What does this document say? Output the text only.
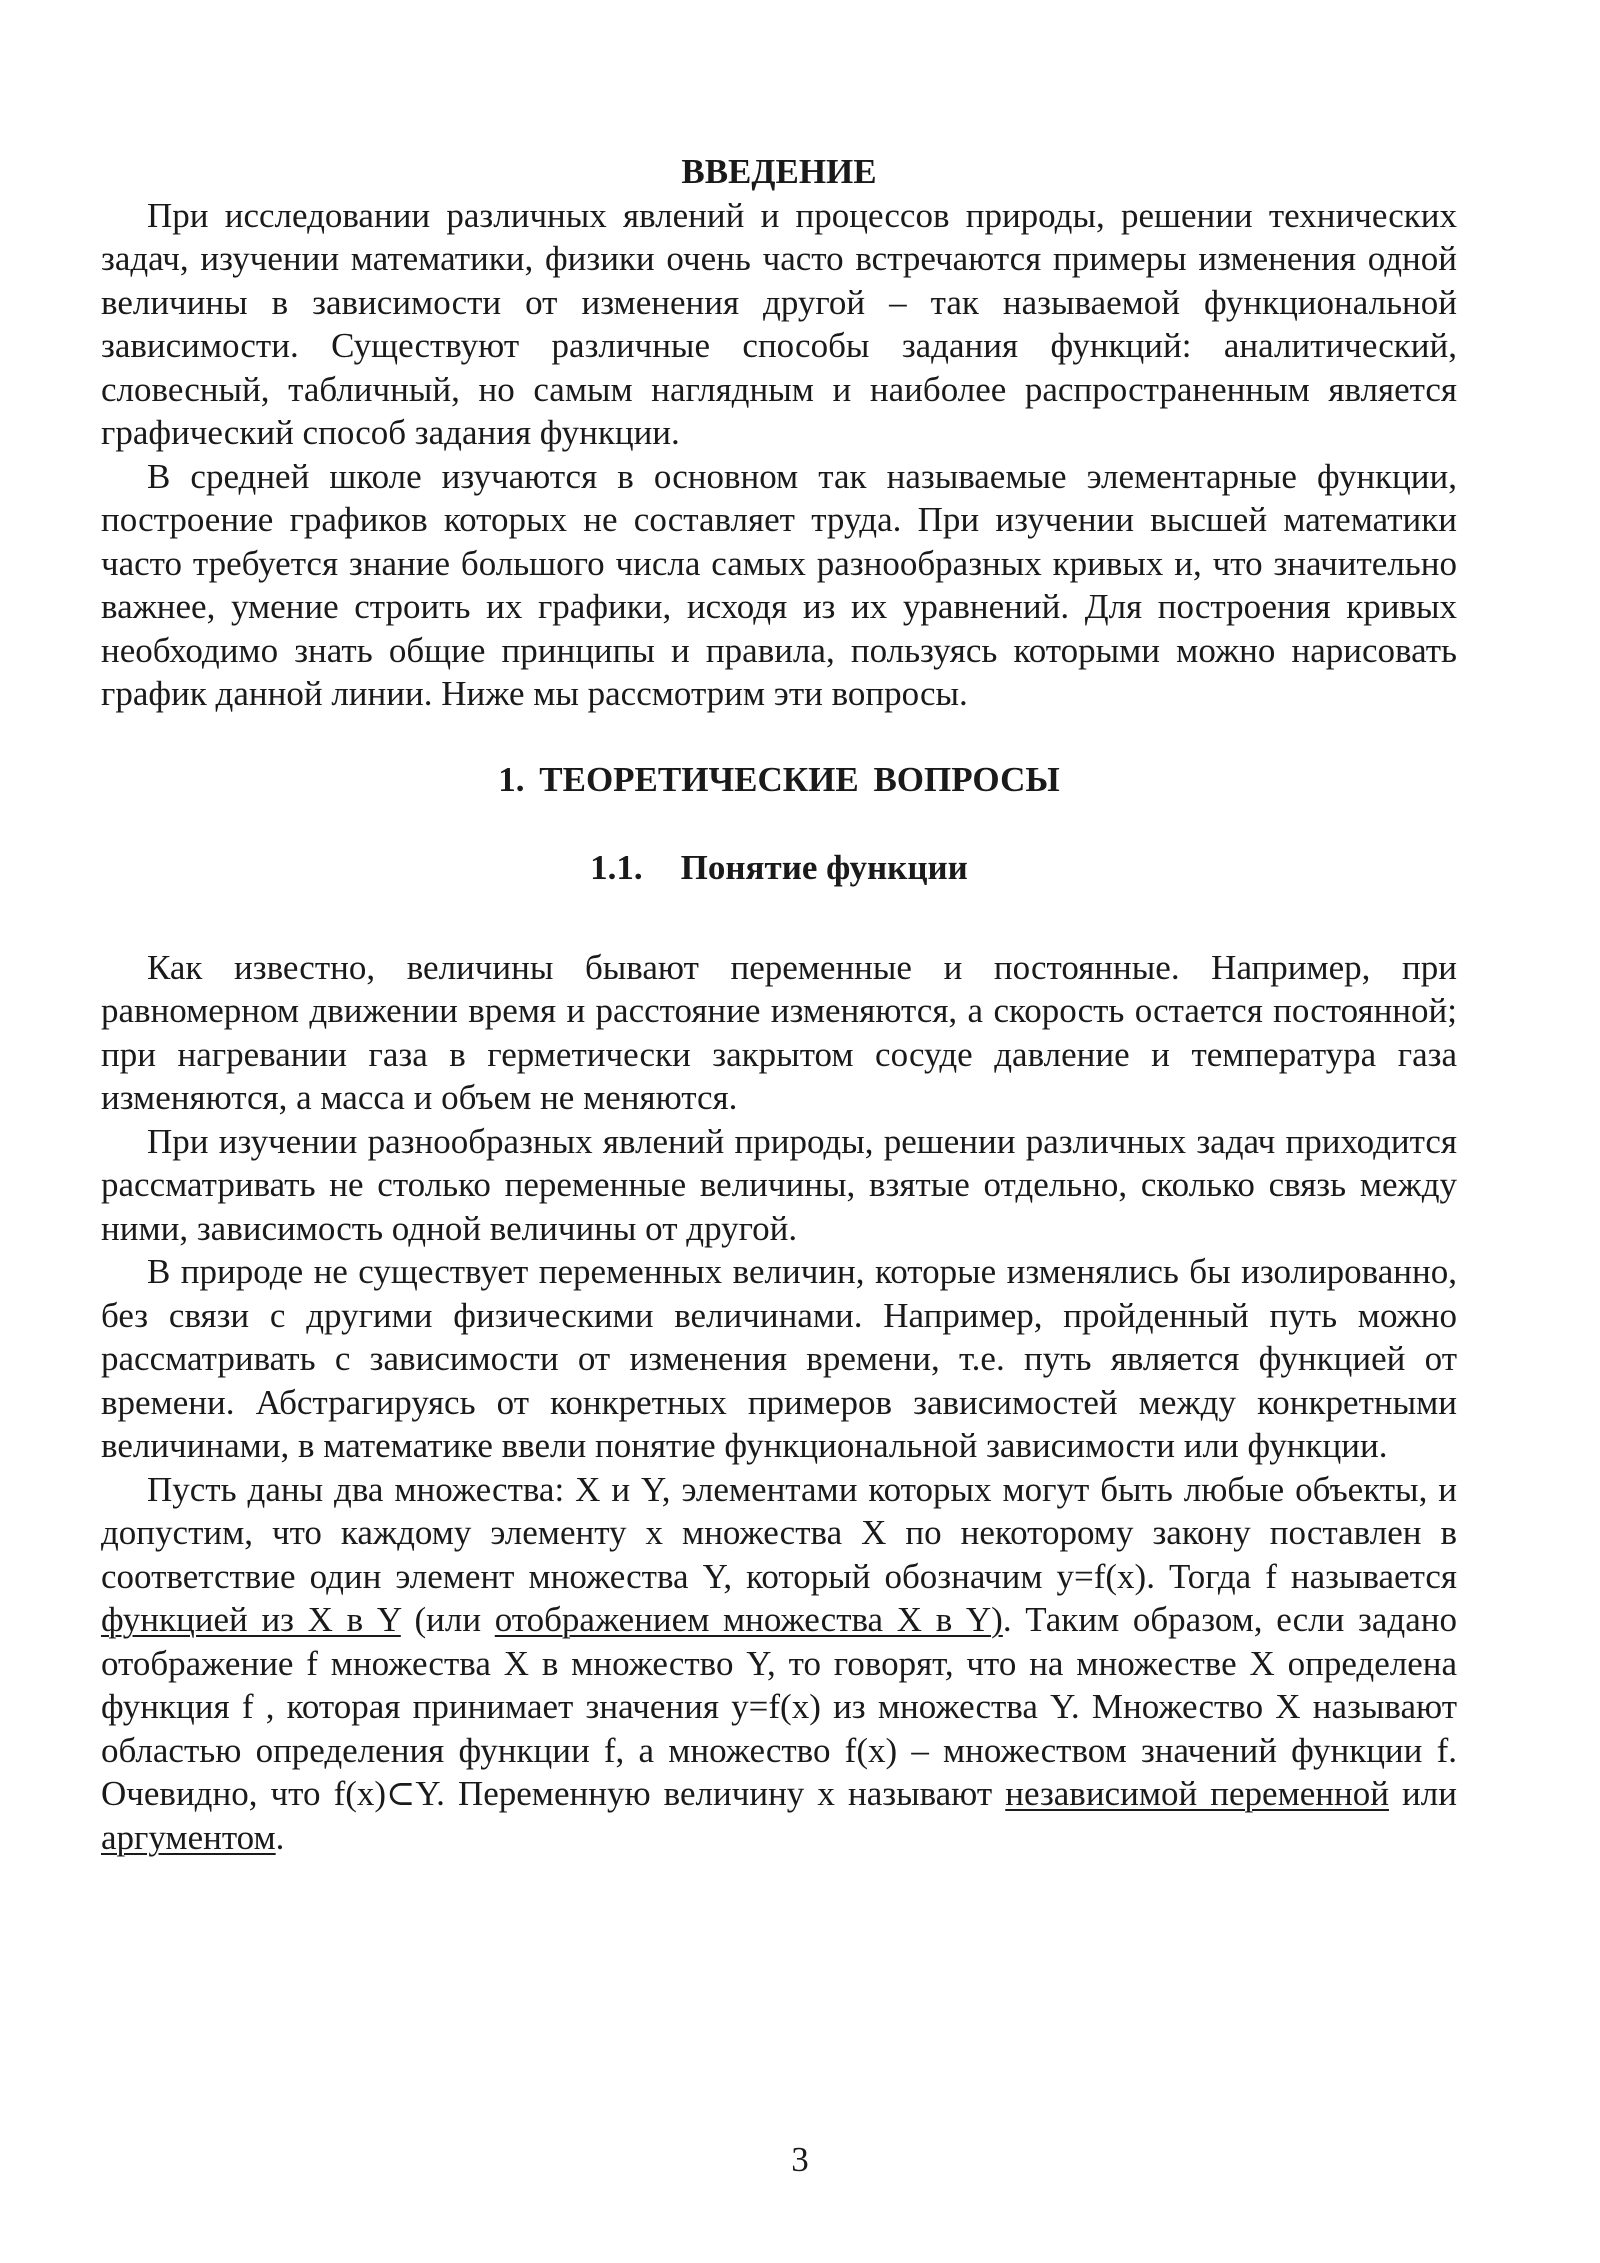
ВВЕДЕНИЕ

При исследовании различных явлений и процессов природы, решении технических задач, изучении математики, физики очень часто встречаются примеры изменения одной величины в зависимости от изменения другой – так называемой функциональной зависимости. Существуют различные способы задания функций: аналитический, словесный, табличный, но самым наглядным и наиболее распространенным является графический способ задания функции.

В средней школе изучаются в основном так называемые элементарные функции, построение графиков которых не составляет труда. При изучении высшей математики часто требуется знание большого числа самых разнообразных кривых и, что значительно важнее, умение строить их графики, исходя из их уравнений. Для построения кривых необходимо знать общие принципы и правила, пользуясь которыми можно нарисовать график данной линии. Ниже мы рассмотрим эти вопросы.

1. ТЕОРЕТИЧЕСКИЕ ВОПРОСЫ
1.1. Понятие функции

Как известно, величины бывают переменные и постоянные. Например, при равномерном движении время и расстояние изменяются, а скорость остается постоянной; при нагревании газа в герметически закрытом сосуде давление и температура газа изменяются, а масса и объем не меняются.

При изучении разнообразных явлений природы, решении различных задач приходится рассматривать не столько переменные величины, взятые отдельно, сколько связь между ними, зависимость одной величины от другой.

В природе не существует переменных величин, которые изменялись бы изолированно, без связи с другими физическими величинами. Например, пройденный путь можно рассматривать с зависимости от изменения времени, т.е. путь является функцией от времени. Абстрагируясь от конкретных примеров зависимостей между конкретными величинами, в математике ввели понятие функциональной зависимости или функции.

Пусть даны два множества: X и Y, элементами которых могут быть любые объекты, и допустим, что каждому элементу x множества X по некоторому закону поставлен в соответствие один элемент множества Y, который обозначим y=f(x). Тогда f называется функцией из X в Y (или отображением множества X в Y). Таким образом, если задано отображение f множества X в множество Y, то говорят, что на множестве X определена функция f , которая принимает значения y=f(x) из множества Y. Множество X называют областью определения функции f, а множество f(x) – множеством значений функции f. Очевидно, что f(x)⊂Y. Переменную величину x называют независимой переменной или аргументом.

3
